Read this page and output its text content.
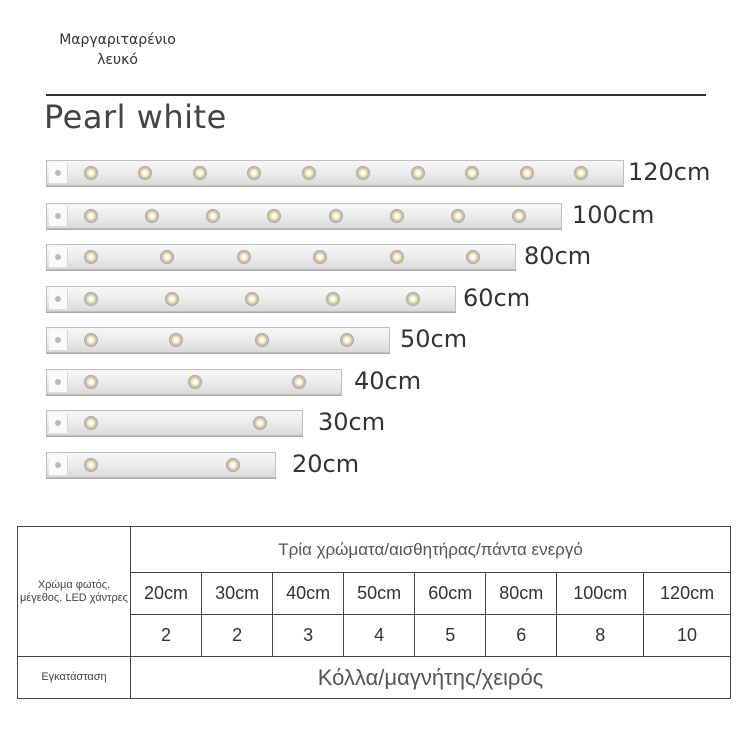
Μαργαριταρένιο
λευκό
Pearl white
120cm
100cm
80cm
60cm
50cm
40cm
30cm
20cm
Χρώμα φωτός, μέγεθος, LED χάντρες	Τρία χρώματα/αισθητήρας/πάντα ενεργό							
	20cm	30cm	40cm	50cm	60cm	80cm	100cm	120cm
	2	2	3	4	5	6	8	10
Εγκατάσταση	Κόλλα/μαγνήτης/χειρός							
